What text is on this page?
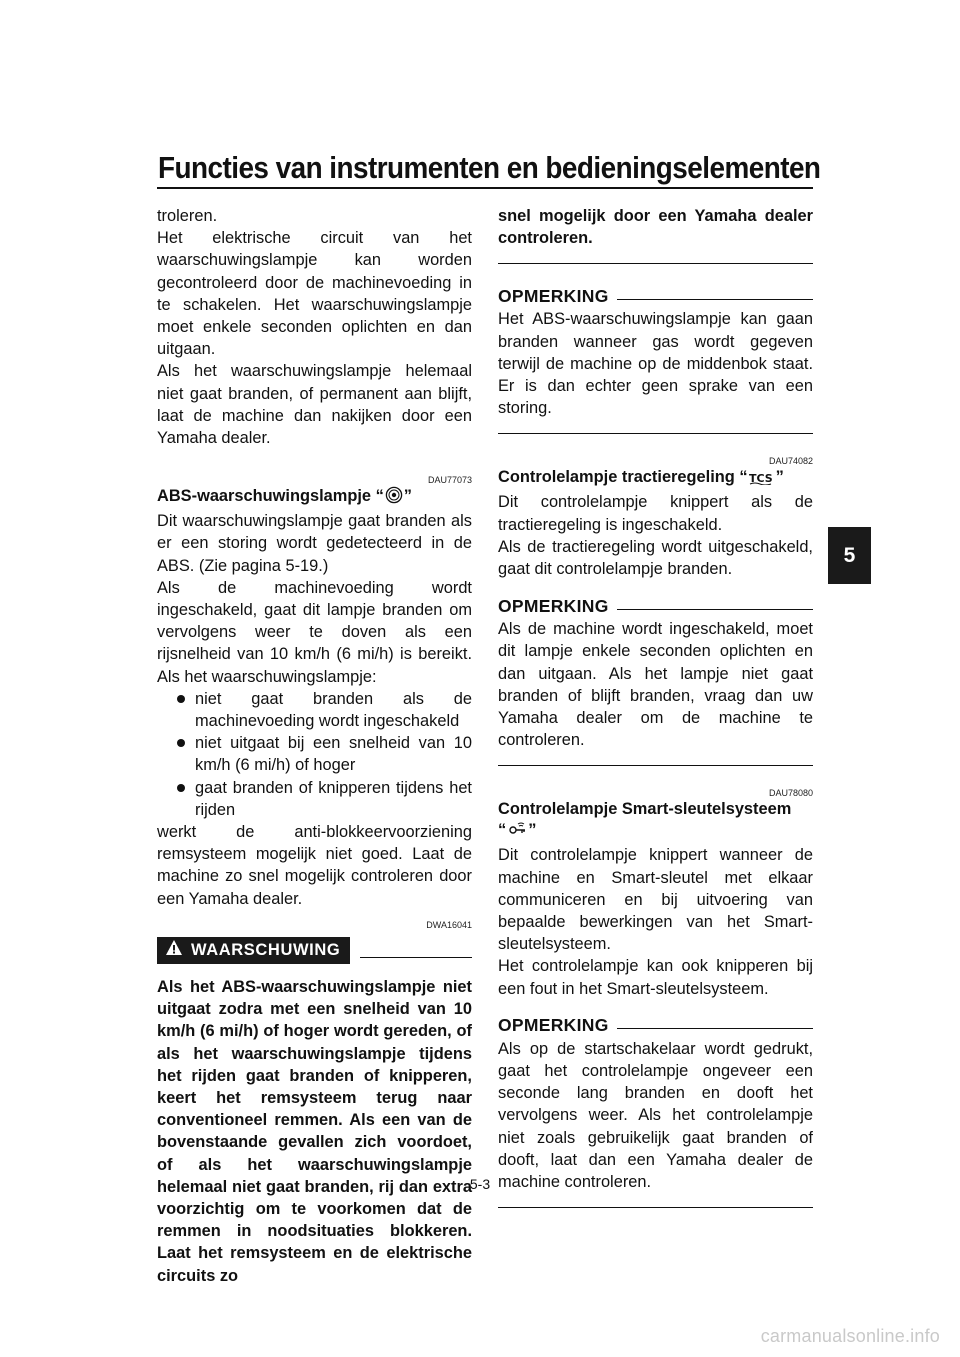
Functies van instrumenten en bedieningselementen
5

troleren.

Het elektrische circuit van het waarschuwingslampje kan worden gecontroleerd door de machinevoeding in te schakelen. Het waarschuwingslampje moet enkele seconden oplichten en dan uitgaan.

Als het waarschuwingslampje helemaal niet gaat branden, of permanent aan blijft, laat de machine dan nakijken door een Yamaha dealer.

DAU77073
ABS-waarschuwingslampje “ ”

Dit waarschuwingslampje gaat branden als er een storing wordt gedetecteerd in de ABS. (Zie pagina 5-19.)

Als de machinevoeding wordt ingeschakeld, gaat dit lampje branden om vervolgens weer te doven als een rijsnelheid van 10 km/h (6 mi/h) is bereikt. Als het waarschuwingslampje:

niet gaat branden als de machinevoeding wordt ingeschakeld
niet uitgaat bij een snelheid van 10 km/h (6 mi/h) of hoger
gaat branden of knipperen tijdens het rijden

werkt de anti-blokkeervoorziening remsysteem mogelijk niet goed. Laat de machine zo snel mogelijk controleren door een Yamaha dealer.

DWA16041
WAARSCHUWING

Als het ABS-waarschuwingslampje niet uitgaat zodra met een snelheid van 10 km/h (6 mi/h) of hoger wordt gereden, of als het waarschuwingslampje tijdens het rijden gaat branden of knipperen, keert het remsysteem terug naar conventioneel remmen. Als een van de bovenstaande gevallen zich voordoet, of als het waarschuwingslampje helemaal niet gaat branden, rij dan extra voorzichtig om te voorkomen dat de remmen in noodsituaties blokkeren. Laat het remsysteem en de elektrische circuits zo

snel mogelijk door een Yamaha dealer controleren.

OPMERKING

Het ABS-waarschuwingslampje kan gaan branden wanneer gas wordt gegeven terwijl de machine op de middenbok staat. Er is dan echter geen sprake van een storing.

DAU74082
Controlelampje tractieregeling “ TCS ”

Dit controlelampje knippert als de tractieregeling is ingeschakeld.

Als de tractieregeling wordt uitgeschakeld, gaat dit controlelampje branden.

OPMERKING

Als de machine wordt ingeschakeld, moet dit lampje enkele seconden oplichten en dan uitgaan. Als het lampje niet gaat branden of blijft branden, vraag dan uw Yamaha dealer om de machine te controleren.

DAU78080
Controlelampje Smart-sleutelsysteem
“ ”

Dit controlelampje knippert wanneer de machine en Smart-sleutel met elkaar communiceren en bij uitvoering van bepaalde bewerkingen van het Smart-sleutelsysteem.

Het controlelampje kan ook knipperen bij een fout in het Smart-sleutelsysteem.

OPMERKING

Als op de startschakelaar wordt gedrukt, gaat het controlelampje ongeveer een seconde lang branden en dooft het vervolgens weer. Als het controlelampje niet zoals gebruikelijk gaat branden of dooft, laat dan een Yamaha dealer de machine controleren.

5-3
carmanualsonline.info
